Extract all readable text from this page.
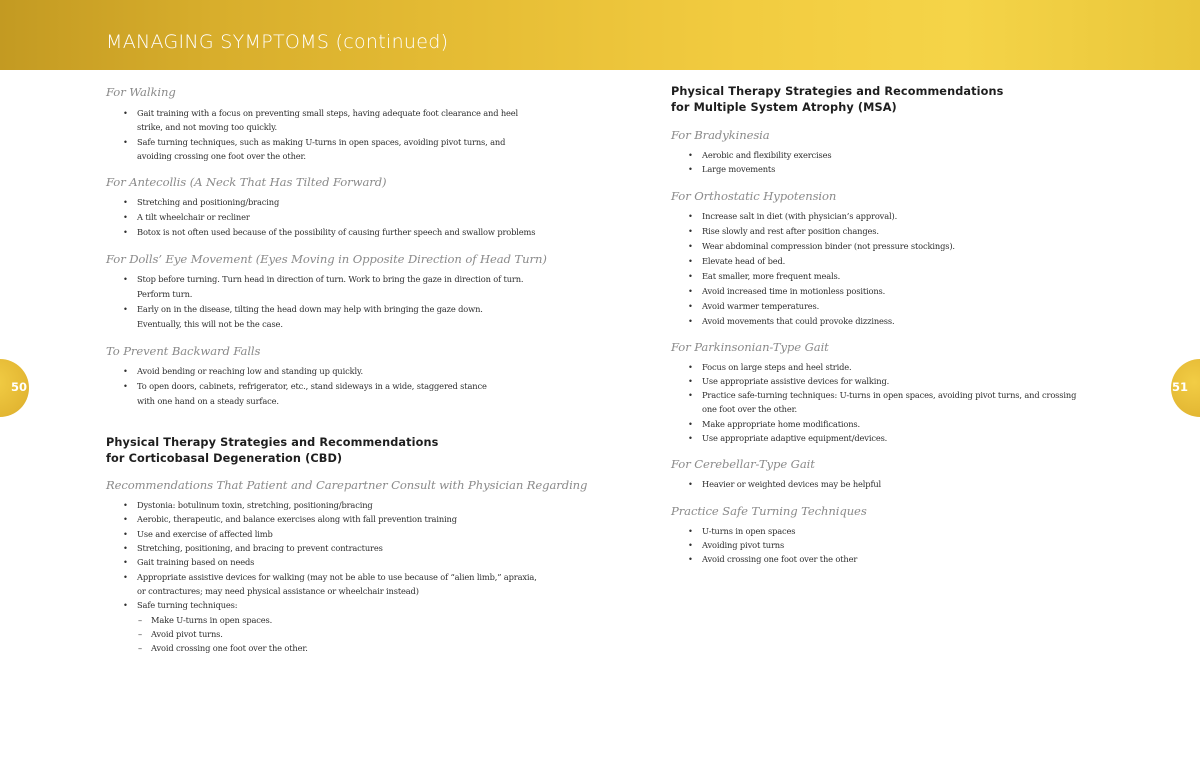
MANAGING SYMPTOMS (continued)
50	51
For Walking
• Gait training with a focus on preventing small steps, having adequate foot clearance and heel strike, and not moving too quickly.
• Safe turning techniques, such as making U-turns in open spaces, avoiding pivot turns, and avoiding crossing one foot over the other.
For Antecollis (A Neck That Has Tilted Forward)
• Stretching and positioning/bracing
• A tilt wheelchair or recliner
• Botox is not often used because of the possibility of causing further speech and swallow problems
For Dolls’ Eye Movement (Eyes Moving in Opposite Direction of Head Turn)
• Stop before turning. Turn head in direction of turn. Work to bring the gaze in direction of turn. Perform turn.
• Early on in the disease, tilting the head down may help with bringing the gaze down. Eventually, this will not be the case.
To Prevent Backward Falls
• Avoid bending or reaching low and standing up quickly.
• To open doors, cabinets, refrigerator, etc., stand sideways in a wide, staggered stance with one hand on a steady surface.
Physical Therapy Strategies and Recommendations
for Corticobasal Degeneration (CBD)
Recommendations That Patient and Carepartner Consult with Physician Regarding
• Dystonia: botulinum toxin, stretching, positioning/bracing
• Aerobic, therapeutic, and balance exercises along with fall prevention training
• Use and exercise of affected limb
• Stretching, positioning, and bracing to prevent contractures
• Gait training based on needs
• Appropriate assistive devices for walking (may not be able to use because of “alien limb,” apraxia, or contractures; may need physical assistance or wheelchair instead)
• Safe turning techniques:
– Make U-turns in open spaces.
– Avoid pivot turns.
– Avoid crossing one foot over the other.
Physical Therapy Strategies and Recommendations
for Multiple System Atrophy (MSA)
For Bradykinesia
• Aerobic and flexibility exercises
• Large movements
For Orthostatic Hypotension
• Increase salt in diet (with physician’s approval).
• Rise slowly and rest after position changes.
• Wear abdominal compression binder (not pressure stockings).
• Elevate head of bed.
• Eat smaller, more frequent meals.
• Avoid increased time in motionless positions.
• Avoid warmer temperatures.
• Avoid movements that could provoke dizziness.
For Parkinsonian-Type Gait
• Focus on large steps and heel stride.
• Use appropriate assistive devices for walking.
• Practice safe-turning techniques: U-turns in open spaces, avoiding pivot turns, and crossing one foot over the other.
• Make appropriate home modifications.
• Use appropriate adaptive equipment/devices.
For Cerebellar-Type Gait
• Heavier or weighted devices may be helpful
Practice Safe Turning Techniques
• U-turns in open spaces
• Avoiding pivot turns
• Avoid crossing one foot over the other
